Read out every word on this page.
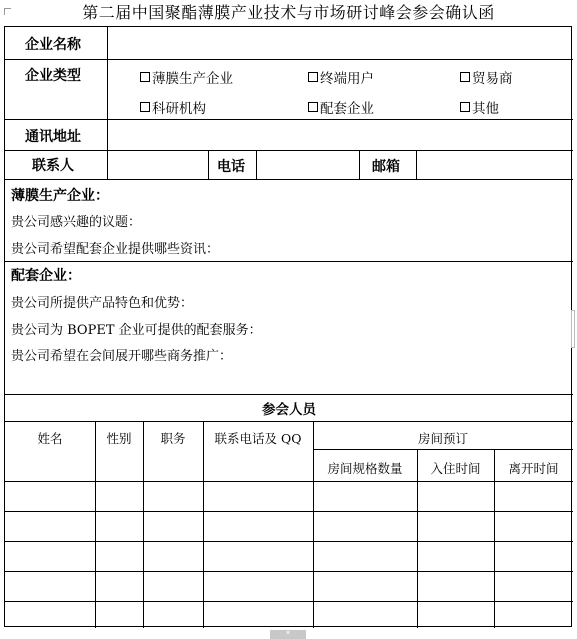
第二届中国聚酯薄膜产业技术与市场研讨峰会参会确认函
企业名称
企业类型	薄膜生产企业	终端用户	贸易商
科研机构	配套企业	其他
通讯地址
联系人	电话	邮箱
薄膜生产企业：
贵公司感兴趣的议题：
贵公司希望配套企业提供哪些资讯：
配套企业：
贵公司所提供产品特色和优势：
贵公司为 BOPET 企业可提供的配套服务：
贵公司希望在会间展开哪些商务推广：
参会人员
姓名	性别	职务	联系电话及 QQ	房间预订
房间规格数量	入住时间	离开时间
*
